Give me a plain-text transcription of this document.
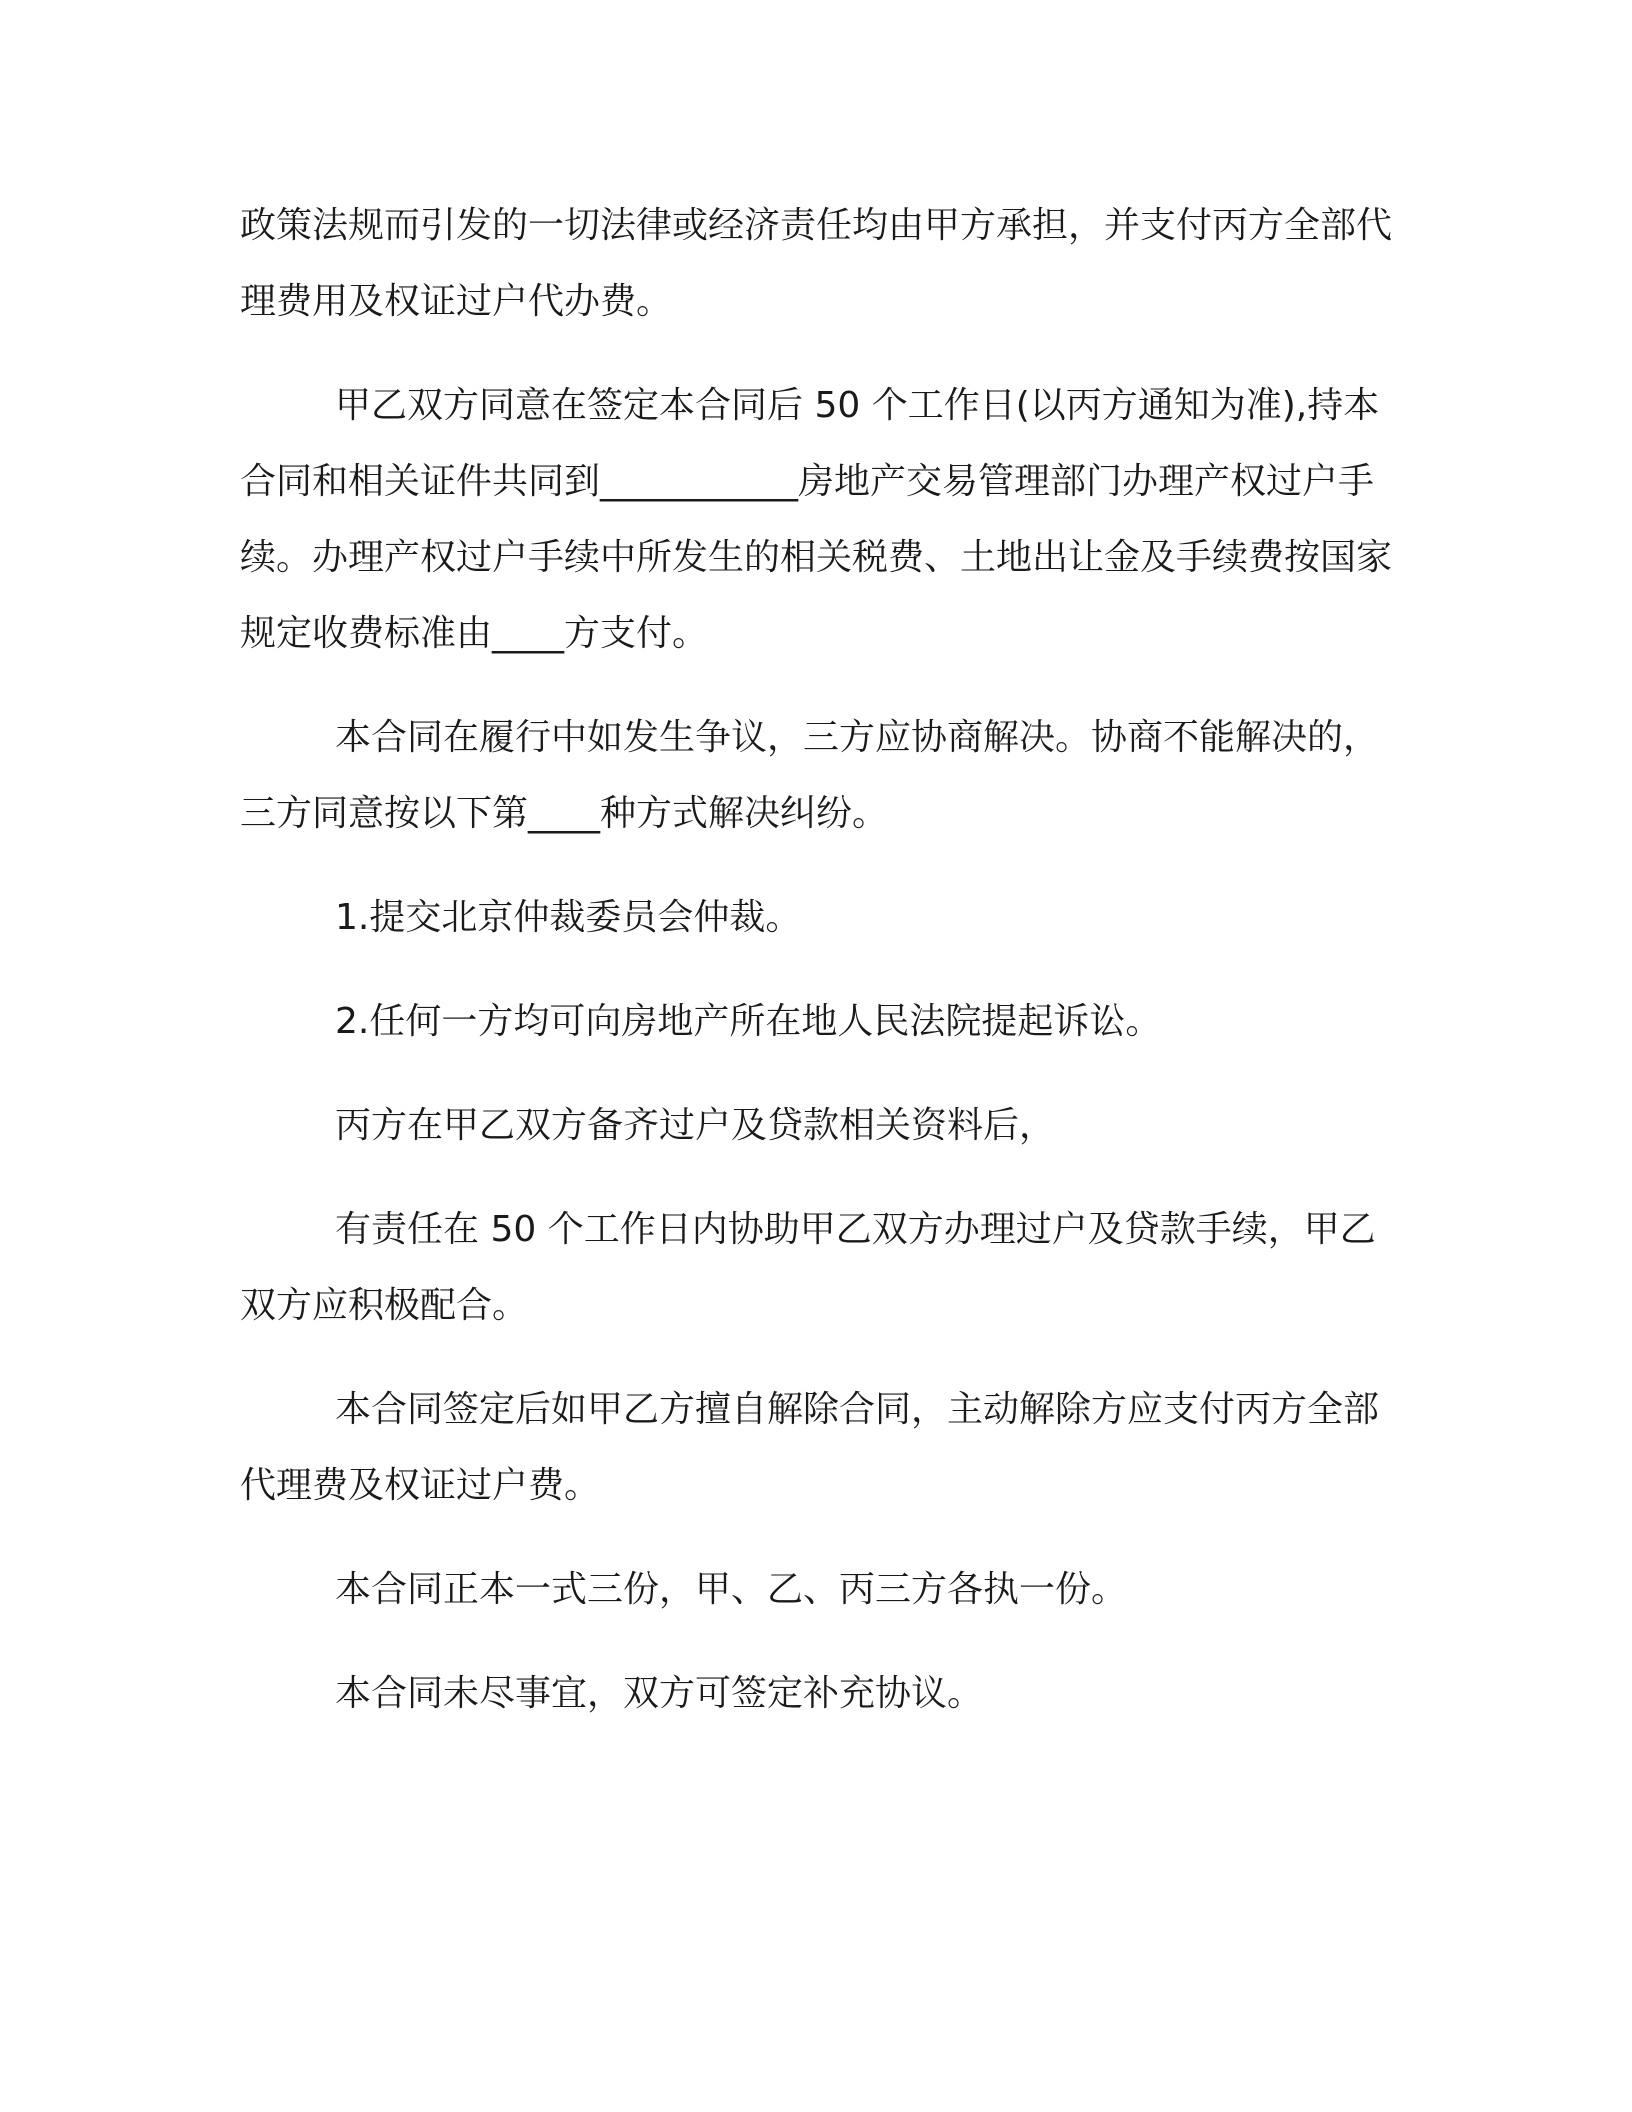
政策法规而引发的一切法律或经济责任均由甲方承担，并支付丙方全部代理费用及权证过户代办费。

甲乙双方同意在签定本合同后 50 个工作日(以丙方通知为准),持本合同和相关证件共同到___________房地产交易管理部门办理产权过户手续。办理产权过户手续中所发生的相关税费、土地出让金及手续费按国家规定收费标准由____方支付。

本合同在履行中如发生争议，三方应协商解决。协商不能解决的，三方同意按以下第____种方式解决纠纷。

1.提交北京仲裁委员会仲裁。

2.任何一方均可向房地产所在地人民法院提起诉讼。

丙方在甲乙双方备齐过户及贷款相关资料后，

有责任在 50 个工作日内协助甲乙双方办理过户及贷款手续，甲乙双方应积极配合。

本合同签定后如甲乙方擅自解除合同，主动解除方应支付丙方全部代理费及权证过户费。

本合同正本一式三份，甲、乙、丙三方各执一份。

本合同未尽事宜，双方可签定补充协议。
